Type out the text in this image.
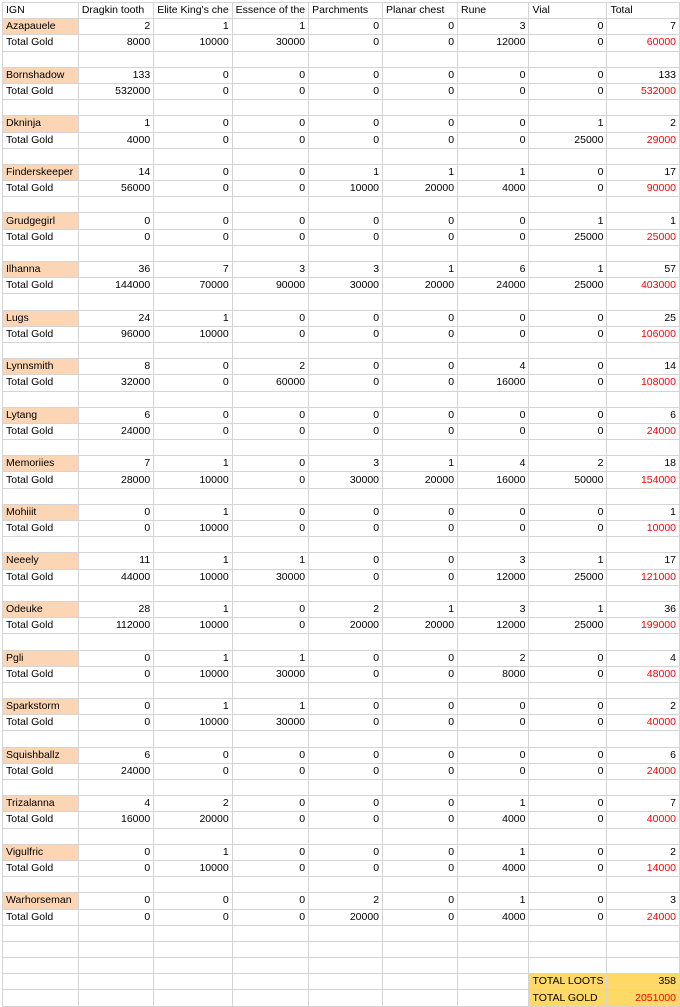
IGN	Dragkin tooth	Elite King's che	Essence of the	Parchments	Planar chest	Rune	Vial	Total
Azapauele	2	1	1	0	0	3	0	7
Total Gold	8000	10000	30000	0	0	12000	0	60000

Bornshadow	133	0	0	0	0	0	0	133
Total Gold	532000	0	0	0	0	0	0	532000

Dkninja	1	0	0	0	0	0	1	2
Total Gold	4000	0	0	0	0	0	25000	29000

Finderskeeper	14	0	0	1	1	1	0	17
Total Gold	56000	0	0	10000	20000	4000	0	90000

Grudgegirl	0	0	0	0	0	0	1	1
Total Gold	0	0	0	0	0	0	25000	25000

Ilhanna	36	7	3	3	1	6	1	57
Total Gold	144000	70000	90000	30000	20000	24000	25000	403000

Lugs	24	1	0	0	0	0	0	25
Total Gold	96000	10000	0	0	0	0	0	106000

Lynnsmith	8	0	2	0	0	4	0	14
Total Gold	32000	0	60000	0	0	16000	0	108000

Lytang	6	0	0	0	0	0	0	6
Total Gold	24000	0	0	0	0	0	0	24000

Memoriies	7	1	0	3	1	4	2	18
Total Gold	28000	10000	0	30000	20000	16000	50000	154000

Mohiiit	0	1	0	0	0	0	0	1
Total Gold	0	10000	0	0	0	0	0	10000

Neeely	11	1	1	0	0	3	1	17
Total Gold	44000	10000	30000	0	0	12000	25000	121000

Odeuke	28	1	0	2	1	3	1	36
Total Gold	112000	10000	0	20000	20000	12000	25000	199000

Pgli	0	1	1	0	0	2	0	4
Total Gold	0	10000	30000	0	0	8000	0	48000

Sparkstorm	0	1	1	0	0	0	0	2
Total Gold	0	10000	30000	0	0	0	0	40000

Squishballz	6	0	0	0	0	0	0	6
Total Gold	24000	0	0	0	0	0	0	24000

Trizalanna	4	2	0	0	0	1	0	7
Total Gold	16000	20000	0	0	0	4000	0	40000

Vigulfric	0	1	0	0	0	1	0	2
Total Gold	0	10000	0	0	0	4000	0	14000

Warhorseman	0	0	0	2	0	1	0	3
Total Gold	0	0	0	20000	0	4000	0	24000

							TOTAL LOOTS	358
							TOTAL GOLD	2051000
